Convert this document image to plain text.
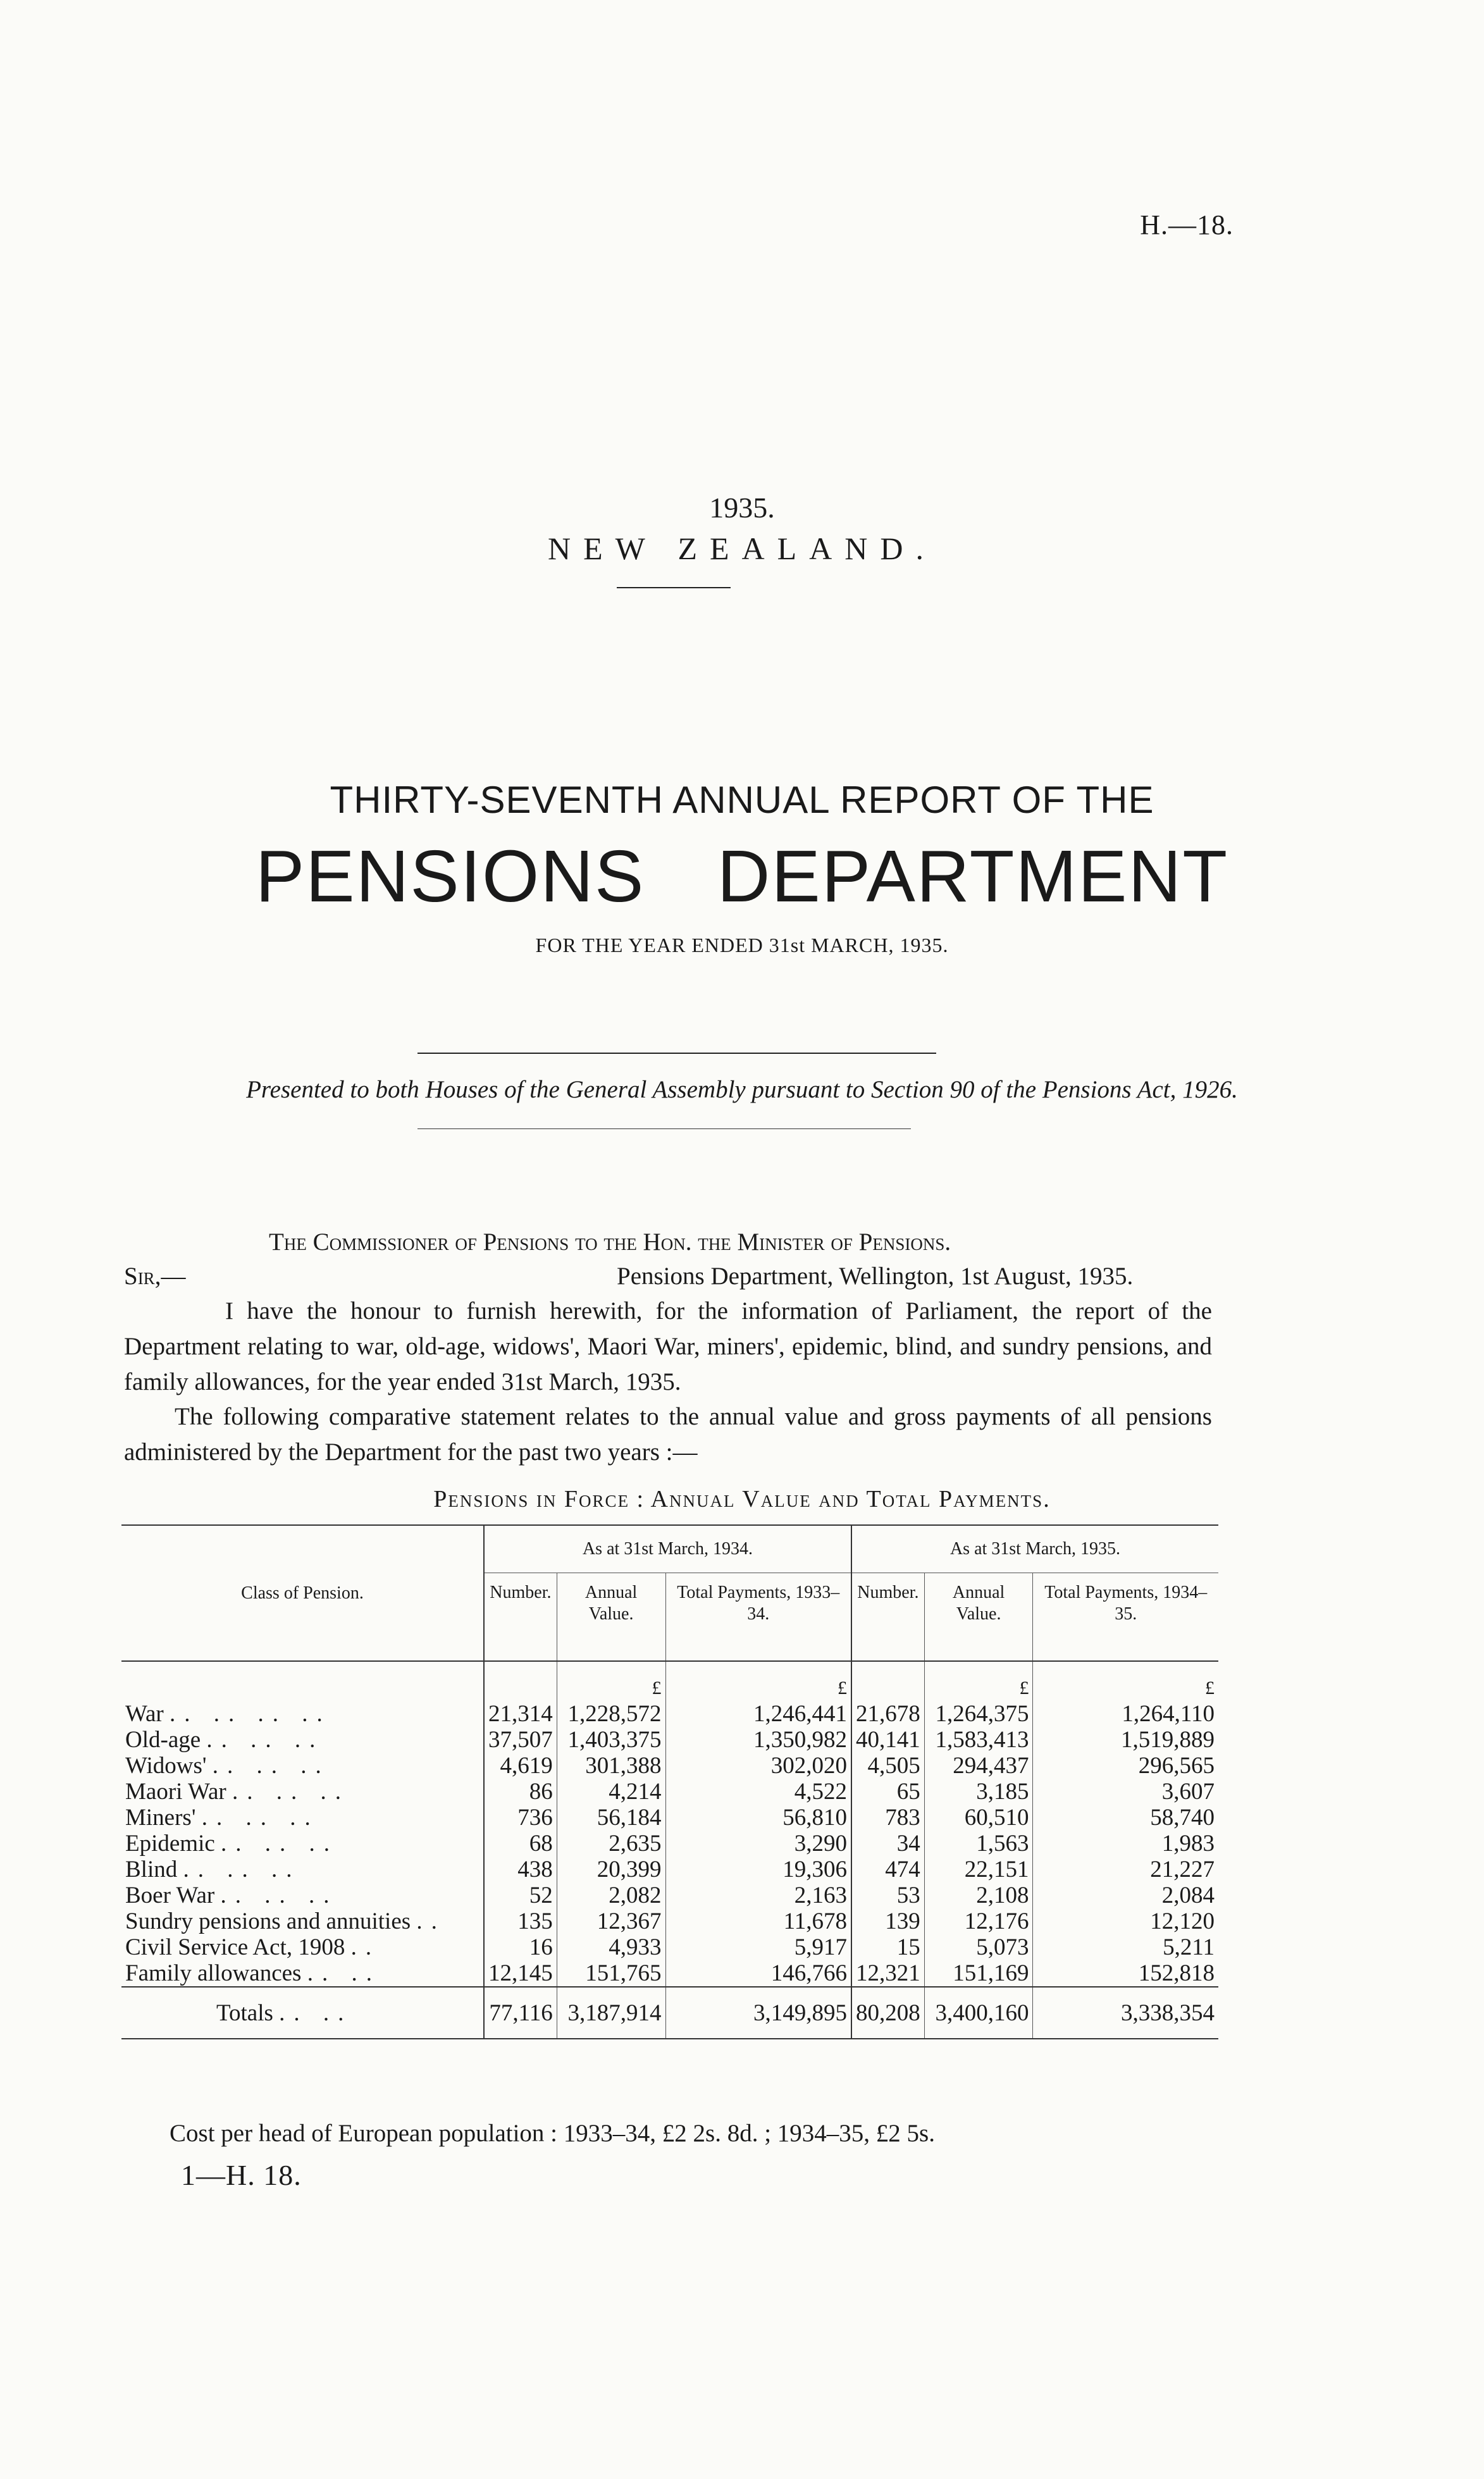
H.—18.
1935.
NEW ZEALAND.
THIRTY-SEVENTH ANNUAL REPORT OF THE
PENSIONS DEPARTMENT
FOR THE YEAR ENDED 31st MARCH, 1935.
Presented to both Houses of the General Assembly pursuant to Section 90 of the Pensions Act, 1926.
The Commissioner of Pensions to the Hon. the Minister of Pensions.
Sir,—	Pensions Department, Wellington, 1st August, 1935.
I have the honour to furnish herewith, for the information of Parliament, the report of the Department relating to war, old-age, widows', Maori War, miners', epidemic, blind, and sundry pensions, and family allowances, for the year ended 31st March, 1935.
The following comparative statement relates to the annual value and gross payments of all pensions administered by the Department for the past two years :—
Pensions in Force : Annual Value and Total Payments.
Class of Pension.	As at 31st March, 1934.			As at 31st March, 1935.		
	Number.	Annual Value.	Total Payments, 1933–34.	Number.	Annual Value.	Total Payments, 1934–35.

		£	£		£	£
War .. .. .. ..	21,314	1,228,572	1,246,441	21,678	1,264,375	1,264,110
Old-age .. .. ..	37,507	1,403,375	1,350,982	40,141	1,583,413	1,519,889
Widows' .. .. ..	4,619	301,388	302,020	4,505	294,437	296,565
Maori War .. .. ..	86	4,214	4,522	65	3,185	3,607
Miners' .. .. ..	736	56,184	56,810	783	60,510	58,740
Epidemic .. .. ..	68	2,635	3,290	34	1,563	1,983
Blind .. .. ..	438	20,399	19,306	474	22,151	21,227
Boer War .. .. ..	52	2,082	2,163	53	2,108	2,084
Sundry pensions and annuities ..	135	12,367	11,678	139	12,176	12,120
Civil Service Act, 1908 ..	16	4,933	5,917	15	5,073	5,211
Family allowances .. ..	12,145	151,765	146,766	12,321	151,169	152,818
Totals .. ..	77,116	3,187,914	3,149,895	80,208	3,400,160	3,338,354
Cost per head of European population : 1933–34, £2 2s. 8d. ; 1934–35, £2 5s.
1—H. 18.
